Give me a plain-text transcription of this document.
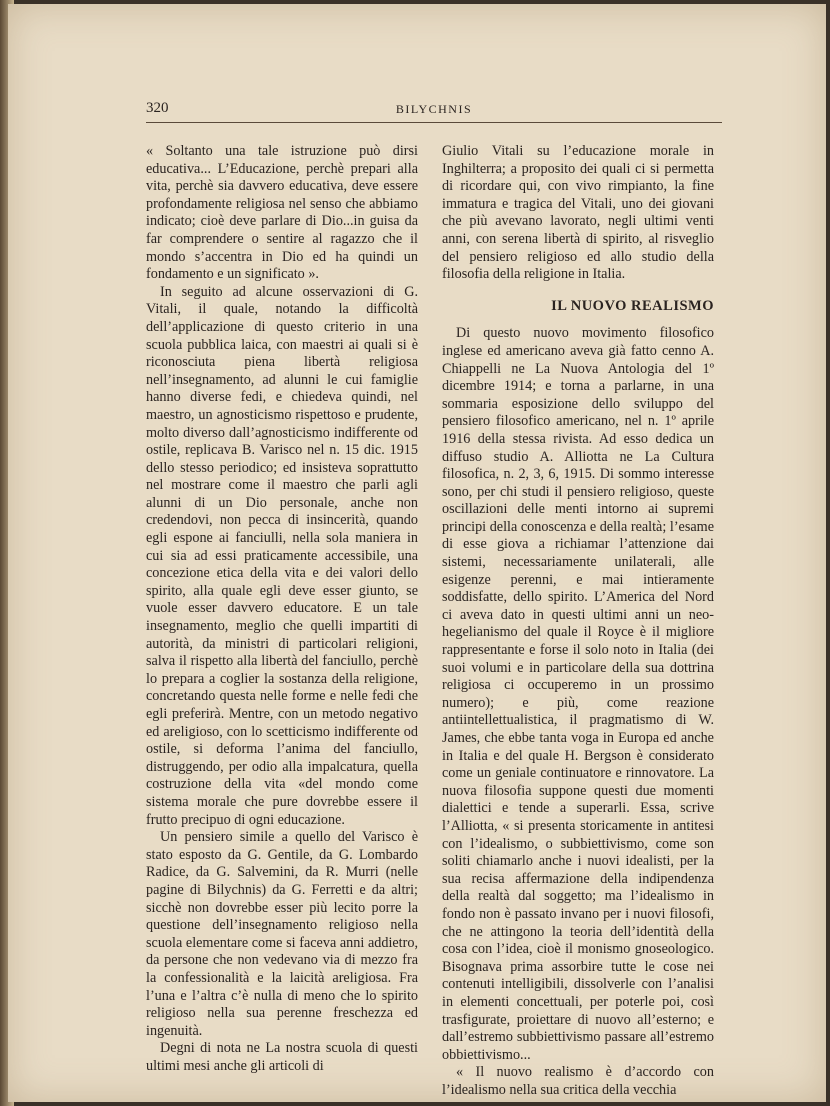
320	BILYCHNIS

« Soltanto una tale istruzione può dirsi educativa... L’Educazione, perchè prepari alla vita, perchè sia davvero educativa, deve essere profondamente religiosa nel senso che abbiamo indicato; cioè deve parlare di Dio...in guisa da far comprendere o sentire al ragazzo che il mondo s’accentra in Dio ed ha quindi un fondamento e un significato ».

In seguito ad alcune osservazioni di G. Vitali, il quale, notando la difficoltà dell’applicazione di questo criterio in una scuola pubblica laica, con maestri ai quali si è riconosciuta piena libertà religiosa nell’insegnamento, ad alunni le cui famiglie hanno diverse fedi, e chiedeva quindi, nel maestro, un agnosticismo rispettoso e prudente, molto diverso dall’agnosticismo indifferente od ostile, replicava B. Varisco nel n. 15 dic. 1915 dello stesso periodico; ed insisteva soprattutto nel mostrare come il maestro che parli agli alunni di un Dio personale, anche non credendovi, non pecca di insincerità, quando egli espone ai fanciulli, nella sola maniera in cui sia ad essi praticamente accessibile, una concezione etica della vita e dei valori dello spirito, alla quale egli deve esser giunto, se vuole esser davvero educatore. E un tale insegnamento, meglio che quelli impartiti di autorità, da ministri di particolari religioni, salva il rispetto alla libertà del fanciullo, perchè lo prepara a coglier la sostanza della religione, concretando questa nelle forme e nelle fedi che egli preferirà. Mentre, con un metodo negativo ed areligioso, con lo scetticismo indifferente od ostile, si deforma l’anima del fanciullo, distruggendo, per odio alla impalcatura, quella costruzione della vita «del mondo come sistema morale che pure dovrebbe essere il frutto precipuo di ogni educazione.

Un pensiero simile a quello del Varisco è stato esposto da G. Gentile, da G. Lombardo Radice, da G. Salvemini, da R. Murri (nelle pagine di Bilychnis) da G. Ferretti e da altri; sicchè non dovrebbe esser più lecito porre la questione dell’insegnamento religioso nella scuola elementare come si faceva anni addietro, da persone che non vedevano via di mezzo fra la confessionalità e la laicità areligiosa. Fra l’una e l’altra c’è nulla di meno che lo spirito religioso nella sua perenne freschezza ed ingenuità.

Degni di nota ne La nostra scuola di questi ultimi mesi anche gli articoli di

Giulio Vitali su l’educazione morale in Inghilterra; a proposito dei quali ci si permetta di ricordare qui, con vivo rimpianto, la fine immatura e tragica del Vitali, uno dei giovani che più avevano lavorato, negli ultimi venti anni, con serena libertà di spirito, al risveglio del pensiero religioso ed allo studio della filosofia della religione in Italia.

IL NUOVO REALISMO

Di questo nuovo movimento filosofico inglese ed americano aveva già fatto cenno A. Chiappelli ne La Nuova Antologia del 1º dicembre 1914; e torna a parlarne, in una sommaria esposizione dello sviluppo del pensiero filosofico americano, nel n. 1º aprile 1916 della stessa rivista. Ad esso dedica un diffuso studio A. Alliotta ne La Cultura filosofica, n. 2, 3, 6, 1915. Di sommo interesse sono, per chi studi il pensiero religioso, queste oscillazioni delle menti intorno ai supremi principi della conoscenza e della realtà; l’esame di esse giova a richiamar l’attenzione dai sistemi, necessariamente unilaterali, alle esigenze perenni, e mai intieramente soddisfatte, dello spirito. L’America del Nord ci aveva dato in questi ultimi anni un neo-hegelianismo del quale il Royce è il migliore rappresentante e forse il solo noto in Italia (dei suoi volumi e in particolare della sua dottrina religiosa ci occuperemo in un prossimo numero); e più, come reazione antiintellettualistica, il pragmatismo di W. James, che ebbe tanta voga in Europa ed anche in Italia e del quale H. Bergson è considerato come un geniale continuatore e rinnovatore. La nuova filosofia suppone questi due momenti dialettici e tende a superarli. Essa, scrive l’Alliotta, « si presenta storicamente in antitesi con l’idealismo, o subbiettivismo, come son soliti chiamarlo anche i nuovi idealisti, per la sua recisa affermazione della indipendenza della realtà dal soggetto; ma l’idealismo in fondo non è passato invano per i nuovi filosofi, che ne attingono la teoria dell’identità della cosa con l’idea, cioè il monismo gnoseologico. Bisognava prima assorbire tutte le cose nei contenuti intelligibili, dissolverle con l’analisi in elementi concettuali, per poterle poi, così trasfigurate, proiettare di nuovo all’esterno; e dall’estremo subbiettivismo passare all’estremo obbiettivismo...

« Il nuovo realismo è d’accordo con l’idealismo nella sua critica della vecchia
